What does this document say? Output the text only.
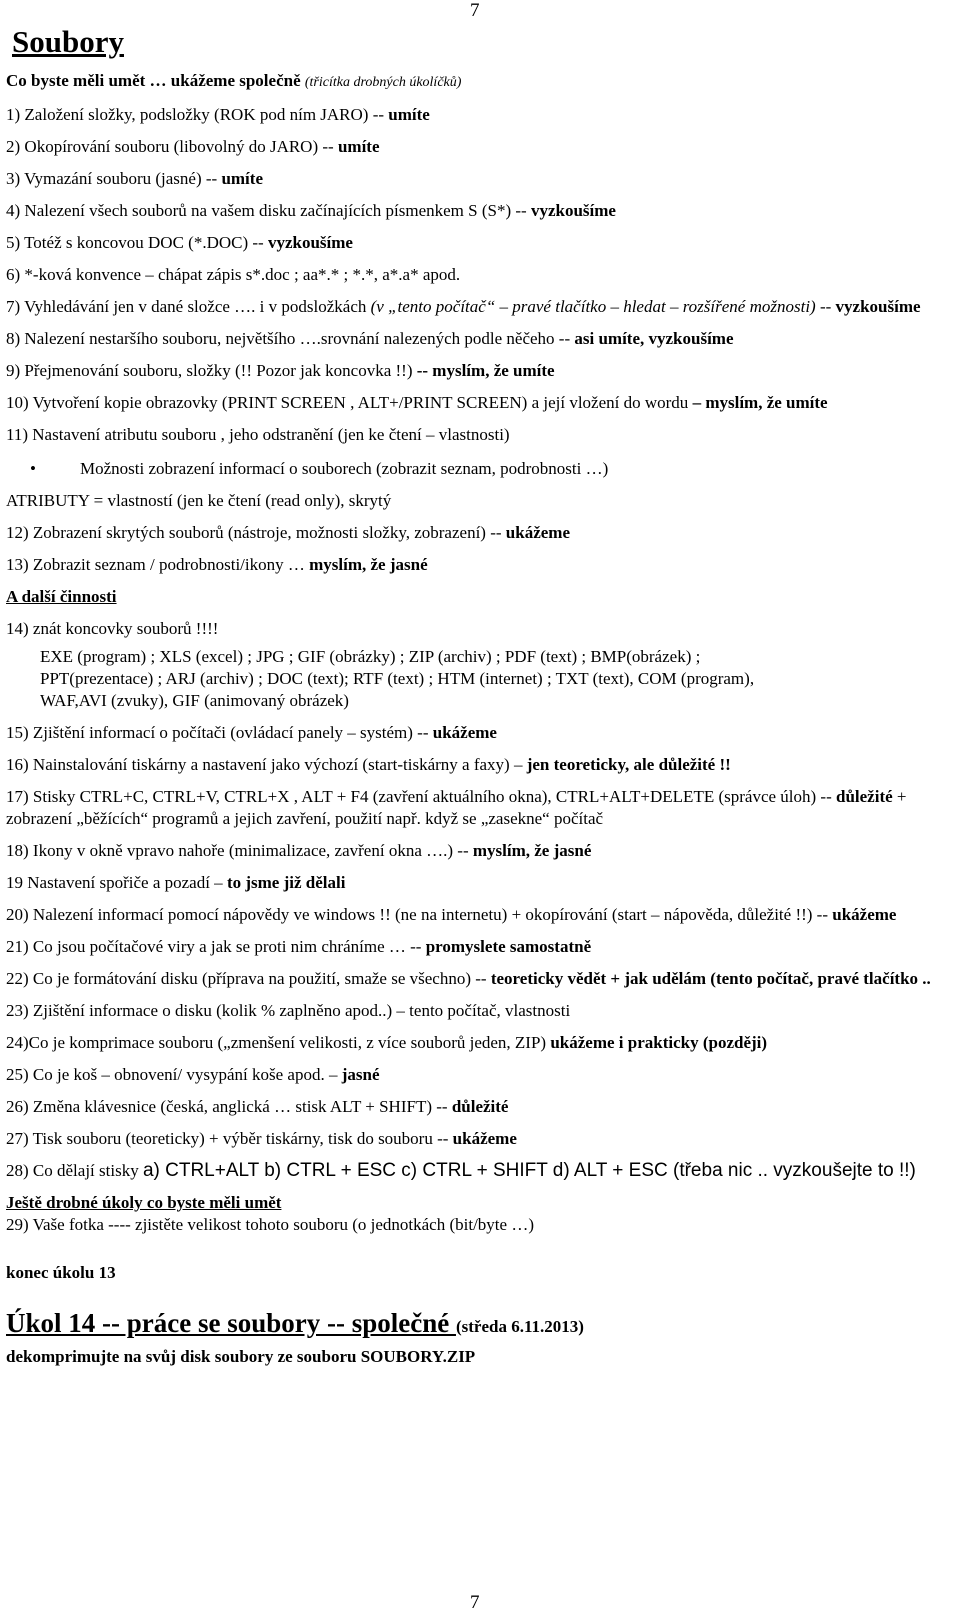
7
Soubory

Co byste měli umět … ukážeme společně (třicítka drobných úkolíčků)

1) Založení složky, podsložky (ROK pod ním JARO) -- umíte

2) Okopírování souboru (libovolný do JARO) -- umíte

3) Vymazání souboru (jasné) -- umíte

4) Nalezení všech souborů na vašem disku začínajících písmenkem S (S*) -- vyzkoušíme

5) Totéž s koncovou DOC (*.DOC) -- vyzkoušíme

6) *-ková konvence – chápat zápis s*.doc ; aa*.* ; *.*, a*.a* apod.

7) Vyhledávání jen v dané složce …. i v podsložkách (v „tento počítač“ – pravé tlačítko – hledat – rozšířené možnosti) -- vyzkoušíme

8) Nalezení nestaršího souboru, největšího ….srovnání nalezených podle něčeho -- asi umíte, vyzkoušíme

9) Přejmenování souboru, složky (!! Pozor jak koncovka !!) -- myslím, že umíte

10) Vytvoření kopie obrazovky (PRINT SCREEN , ALT+/PRINT SCREEN) a její vložení do wordu – myslím, že umíte

11) Nastavení atributu souboru , jeho odstranění (jen ke čtení – vlastnosti)

•	Možnosti zobrazení informací o souborech (zobrazit seznam, podrobnosti …)

ATRIBUTY = vlastností (jen ke čtení (read only), skrytý

12) Zobrazení skrytých souborů (nástroje, možnosti složky, zobrazení) -- ukážeme

13) Zobrazit seznam / podrobnosti/ikony … myslím, že jasné

A další činnosti

14) znát koncovky souborů !!!!

EXE (program) ; XLS (excel) ; JPG ; GIF (obrázky) ; ZIP (archiv) ; PDF (text) ; BMP(obrázek) ;

PPT(prezentace) ; ARJ (archiv) ; DOC (text); RTF (text) ; HTM (internet) ; TXT (text), COM (program),

WAF,AVI (zvuky), GIF (animovaný obrázek)

15) Zjištění informací o počítači (ovládací panely – systém) -- ukážeme

16) Nainstalování tiskárny a nastavení jako výchozí (start-tiskárny a faxy) – jen teoreticky, ale důležité !!

17) Stisky CTRL+C, CTRL+V, CTRL+X , ALT + F4 (zavření aktuálního okna), CTRL+ALT+DELETE (správce úloh) -- důležité + zobrazení „běžících“ programů a jejich zavření, použití např. když se „zasekne“ počítač

18) Ikony v okně vpravo nahoře (minimalizace, zavření okna ….) -- myslím, že jasné

19 Nastavení spořiče a pozadí – to jsme již dělali

20) Nalezení informací pomocí nápovědy ve windows !! (ne na internetu) + okopírování (start – nápověda, důležité !!) -- ukážeme

21) Co jsou počítačové viry a jak se proti nim chráníme … -- promyslete samostatně

22) Co je formátování disku (příprava na použití, smaže se všechno) -- teoreticky vědět + jak udělám (tento počítač, pravé tlačítko ..

23) Zjištění informace o disku (kolik % zaplněno apod..) – tento počítač, vlastnosti

24)Co je komprimace souboru („zmenšení velikosti, z více souborů jeden, ZIP) ukážeme i prakticky (později)

25) Co je koš – obnovení/ vysypání koše apod. – jasné

26) Změna klávesnice (česká, anglická … stisk ALT + SHIFT) -- důležité

27) Tisk souboru (teoreticky) + výběr tiskárny, tisk do souboru -- ukážeme

28) Co dělají stisky a) CTRL+ALT b) CTRL + ESC c) CTRL + SHIFT d) ALT + ESC (třeba nic .. vyzkoušejte to !!)

Ještě drobné úkoly co byste měli umět

29) Vaše fotka ---- zjistěte velikost tohoto souboru (o jednotkách (bit/byte …)

konec úkolu 13

Úkol 14 -- práce se soubory -- společné (středa 6.11.2013)

dekomprimujte na svůj disk soubory ze souboru SOUBORY.ZIP

7
